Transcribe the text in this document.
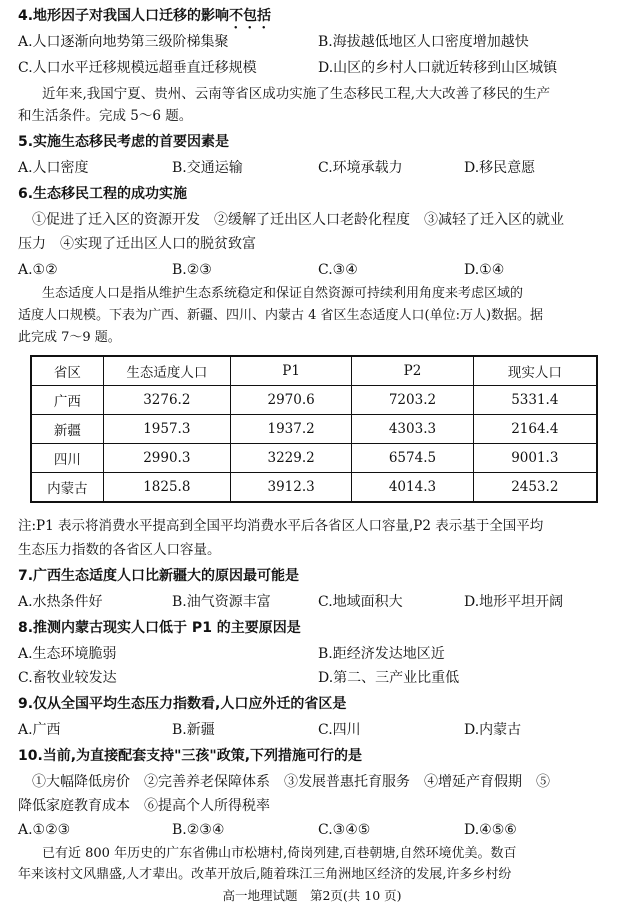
4.地形因子对我国人口迁移的影响不包括
A.人口逐渐向地势第三级阶梯集聚	B.海拔越低地区人口密度增加越快
C.人口水平迁移规模远超垂直迁移规模	D.山区的乡村人口就近转移到山区城镇
近年来,我国宁夏、贵州、云南等省区成功实施了生态移民工程,大大改善了移民的生产
和生活条件。完成 5～6 题。
5.实施生态移民考虑的首要因素是
A.人口密度	B.交通运输	C.环境承载力	D.移民意愿
6.生态移民工程的成功实施
①促进了迁入区的资源开发　②缓解了迁出区人口老龄化程度　③减轻了迁入区的就业
压力　④实现了迁出区人口的脱贫致富
A.①②	B.②③	C.③④	D.①④
生态适度人口是指从维护生态系统稳定和保证自然资源可持续利用角度来考虑区域的
适度人口规模。下表为广西、新疆、四川、内蒙古 4 省区生态适度人口(单位:万人)数据。据
此完成 7～9 题。
省区	生态适度人口	P1	P2	现实人口
广西	3276.2	2970.6	7203.2	5331.4
新疆	1957.3	1937.2	4303.3	2164.4
四川	2990.3	3229.2	6574.5	9001.3
内蒙古	1825.8	3912.3	4014.3	2453.2
注:P1 表示将消费水平提高到全国平均消费水平后各省区人口容量,P2 表示基于全国平均
生态压力指数的各省区人口容量。
7.广西生态适度人口比新疆大的原因最可能是
A.水热条件好	B.油气资源丰富	C.地域面积大	D.地形平坦开阔
8.推测内蒙古现实人口低于 P1 的主要原因是
A.生态环境脆弱	B.距经济发达地区近
C.畜牧业较发达	D.第二、三产业比重低
9.仅从全国平均生态压力指数看,人口应外迁的省区是
A.广西	B.新疆	C.四川	D.内蒙古
10.当前,为直接配套支持"三孩"政策,下列措施可行的是
①大幅降低房价　②完善养老保障体系　③发展普惠托育服务　④增延产育假期　⑤
降低家庭教育成本　⑥提高个人所得税率
A.①②③	B.②③④	C.③④⑤	D.④⑤⑥
已有近 800 年历史的广东省佛山市松塘村,倚岗列建,百巷朝塘,自然环境优美。数百
年来该村文风鼎盛,人才辈出。改革开放后,随着珠江三角洲地区经济的发展,许多乡村纷
高一地理试题　第2页(共 10 页)
